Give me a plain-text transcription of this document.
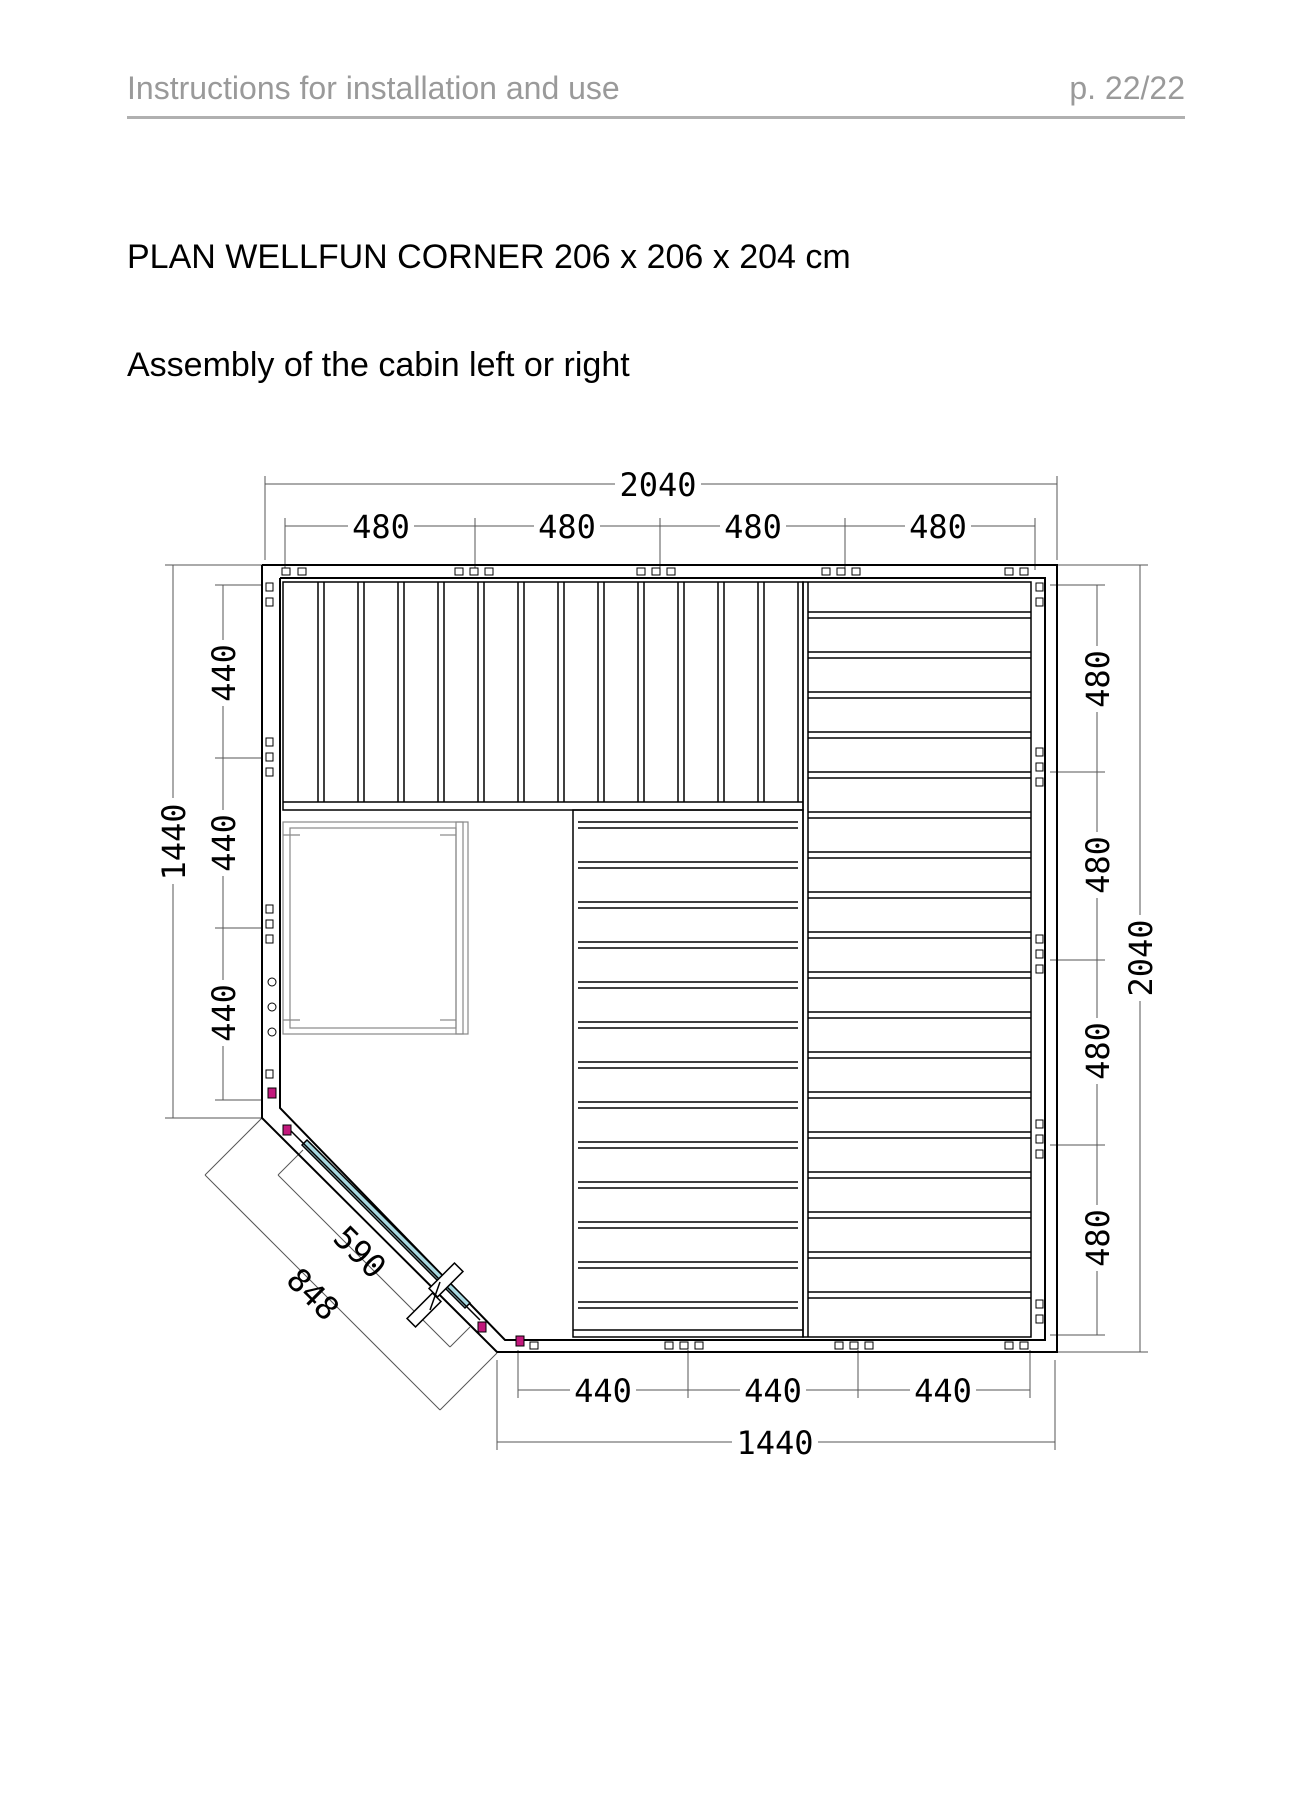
Instructions for installation and use	p. 22/22
PLAN WELLFUN CORNER 206 x 206 x 204 cm
Assembly of the cabin left or right
2040
480	480	480	480
1440
440
440
440
2040
480
480
480
480
440	440	440
1440
590
848
